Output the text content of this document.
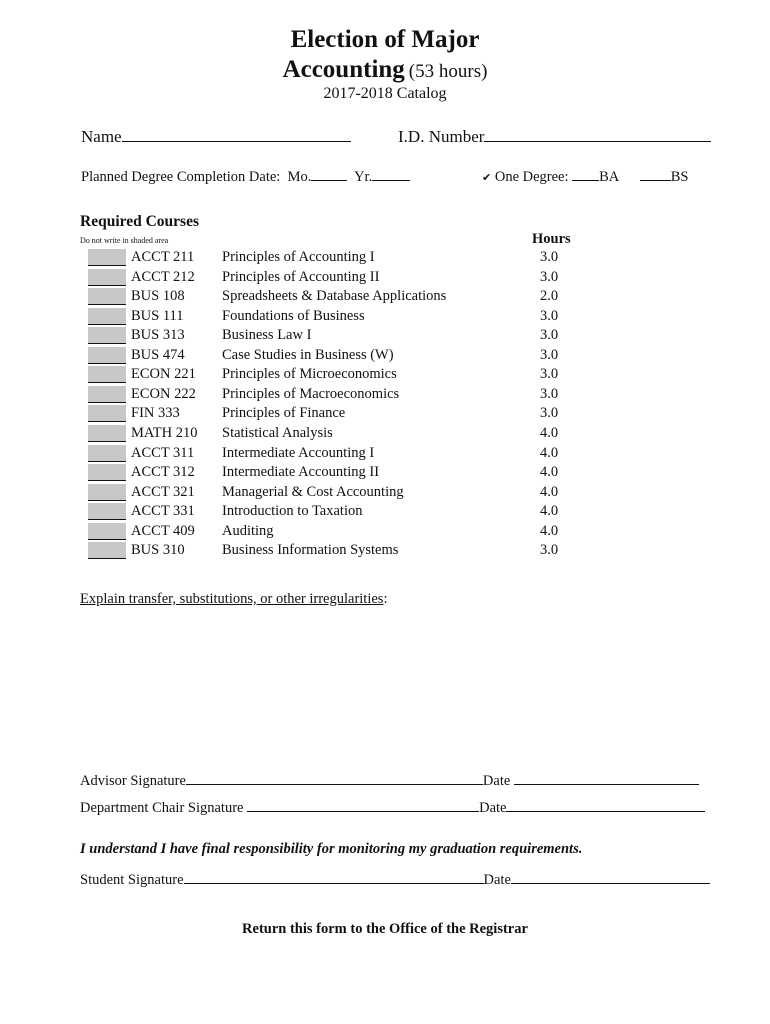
Election of Major
Accounting (53 hours)
2017-2018 Catalog
Name	I.D. Number
Planned Degree Completion Date: Mo.	Yr.	✔ One Degree: BA	BS
Required Courses
Do not write in shaded area	Hours
ACCT 211 Principles of Accounting I	3.0
ACCT 212 Principles of Accounting II	3.0
BUS 108	Spreadsheets & Database Applications	2.0
BUS 111	Foundations of Business	3.0
BUS 313	Business Law I	3.0
BUS 474	Case Studies in Business (W)	3.0
ECON 221 Principles of Microeconomics	3.0
ECON 222 Principles of Macroeconomics	3.0
FIN 333	Principles of Finance	3.0
MATH 210 Statistical Analysis	4.0
ACCT 311 Intermediate Accounting I	4.0
ACCT 312 Intermediate Accounting II	4.0
ACCT 321 Managerial & Cost Accounting	4.0
ACCT 331 Introduction to Taxation	4.0
ACCT 409 Auditing	4.0
BUS 310	Business Information Systems	3.0
Explain transfer, substitutions, or other irregularities:
Advisor Signature	Date
Department Chair Signature	Date
I understand I have final responsibility for monitoring my graduation requirements.
Student Signature	Date
Return this form to the Office of the Registrar
